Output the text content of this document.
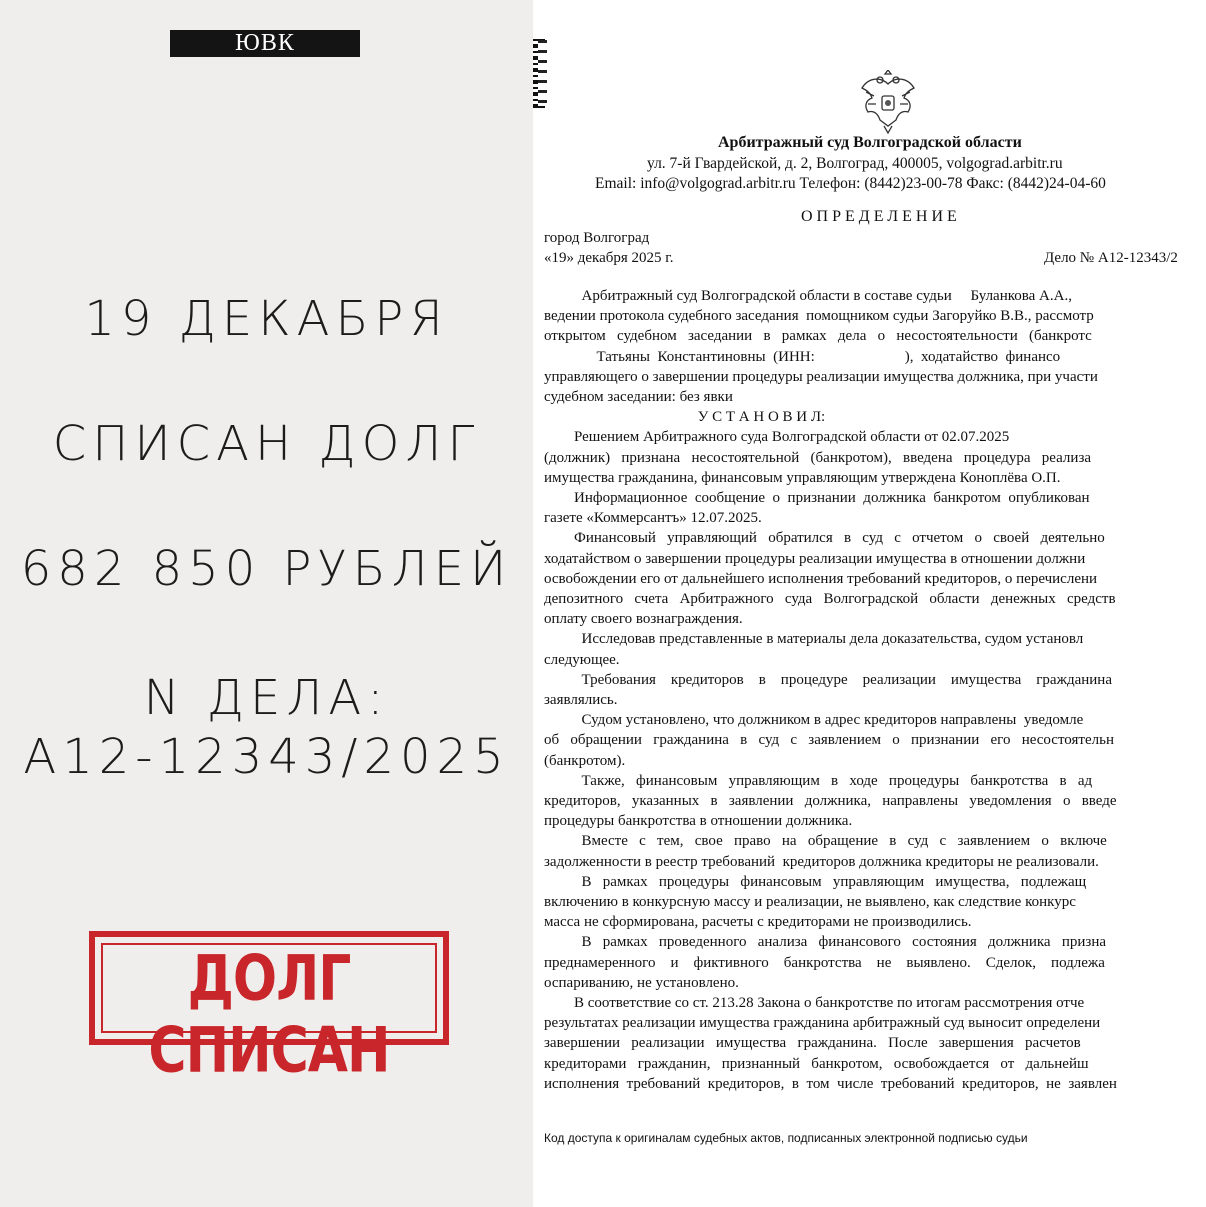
ЮВК
19 ДЕКАБРЯ
СПИСАН ДОЛГ
682 850 РУБЛЕЙ
N ДЕЛА:
А12-12343/2025
ДОЛГ СПИСАН
Арбитражный суд Волгоградской области
ул. 7-й Гвардейской, д. 2, Волгоград, 400005, volgograd.arbitr.ru
Email: info@volgograd.arbitr.ru Телефон: (8442)23-00-78 Факс: (8442)24-04-60
ОПРЕДЕЛЕНИЕ
город Волгоград
«19» декабря 2025 г.	Дело № А12-12343/2
Арбитражный суд Волгоградской области в составе судьи     Буланкова А.А.,
ведении протокола судебного заседания  помощником судьи Загоруйко В.В., рассмотр
открытом   судебном   заседании   в   рамках   дела   о   несостоятельности   (банкротс
Татьяны  Константиновны  (ИНН:                        ),  ходатайство  финансо
управляющего о завершении процедуры реализации имущества должника, при участи
судебном заседании: без явки
У С Т А Н О В И Л:
Решением Арбитражного суда Волгоградской области от 02.07.2025
(должник)   признана   несостоятельной   (банкротом),   введена   процедура   реализа
имущества гражданина, финансовым управляющим утверждена Коноплёва О.П.
Информационное  сообщение  о  признании  должника  банкротом  опубликован
газете «Коммерсантъ» 12.07.2025.
Финансовый   управляющий   обратился   в   суд   с   отчетом   о   своей   деятельно
ходатайством о завершении процедуры реализации имущества в отношении должни
освобождении его от дальнейшего исполнения требований кредиторов, о перечислени
депозитного   счета   Арбитражного   суда   Волгоградской   области   денежных   средств
оплату своего вознаграждения.
Исследовав представленные в материалы дела доказательства, судом установл
следующее.
Требования    кредиторов    в    процедуре    реализации    имущества    гражданина
заявлялись.
Судом установлено, что должником в адрес кредиторов направлены  уведомле
об   обращении   гражданина   в   суд   с   заявлением   о   признании   его   несостоятельн
(банкротом).
Также,   финансовым   управляющим   в   ходе   процедуры   банкротства   в   ад
кредиторов,   указанных   в   заявлении   должника,   направлены   уведомления   о   введе
процедуры банкротства в отношении должника.
Вместе   с   тем,   свое   право   на   обращение   в   суд   с   заявлением   о   включе
задолженности в реестр требований  кредиторов должника кредиторы не реализовали.
В   рамках   процедуры   финансовым   управляющим   имущества,   подлежащ
включению в конкурсную массу и реализации, не выявлено, как следствие конкурс
масса не сформирована, расчеты с кредиторами не производились.
В   рамках   проведенного   анализа   финансового   состояния   должника   призна
преднамеренного    и    фиктивного    банкротства    не    выявлено.    Сделок,    подлежа
оспариванию, не установлено.
В соответствие со ст. 213.28 Закона о банкротстве по итогам рассмотрения отче
результатах реализации имущества гражданина арбитражный суд выносит определени
завершении   реализации   имущества   гражданина.   После   завершения   расчетов
кредиторами   гражданин,   признанный   банкротом,   освобождается   от   дальнейш
исполнения  требований  кредиторов,  в  том  числе  требований  кредиторов,  не  заявлен
Код доступа к оригиналам судебных актов, подписанных электронной подписью судьи
